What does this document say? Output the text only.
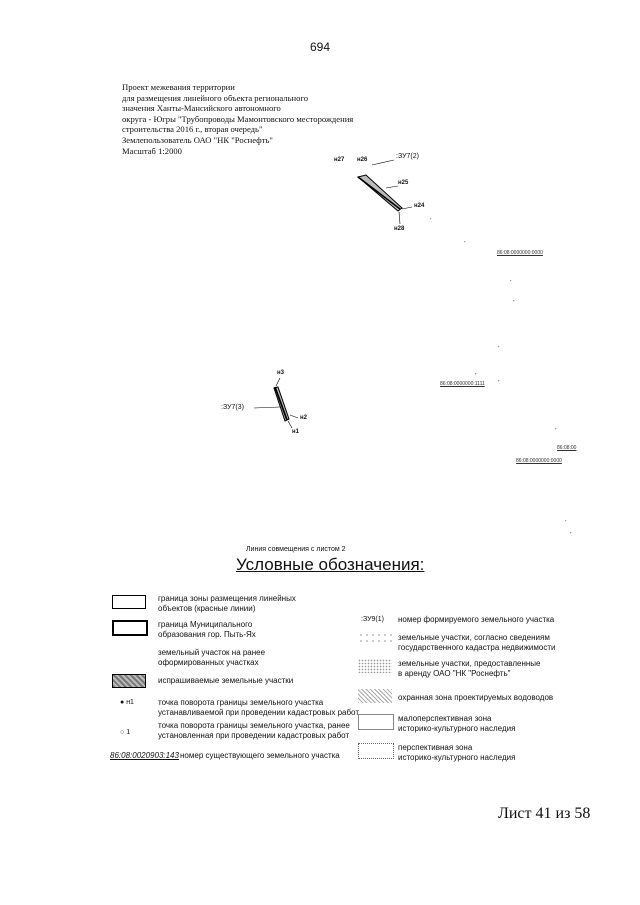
694
Проект межевания территории
для размещения линейного объекта регионального
значения Ханты-Мансийского автономного
округа - Югры "Трубопроводы Мамонтовского месторождения
строительства 2016 г., вторая очередь"
Землепользователь ОАО "НК "Роснефть"
Масштаб 1:2000
н27 н26	:ЗУ7(2)
н25
н24
н28
н3
:ЗУ7(3)
н2
н1
86:08:0000000:0000
86:08:0000000:1111
86:08:00
86:08:0000000:0000
Линия совмещения с листом 2
Условные обозначения:
граница зоны размещения линейных
объектов (красные линии)
граница Муниципального
образования гор. Пыть-Ях
земельный участок на ранее
оформированных участках
испрашиваемые земельные участки
● н1	точка поворота границы земельного участка
устанавливаемой при проведении кадастровых работ
○ 1
точка поворота границы земельного участка, ранее
установленная при проведении кадастровых работ
86:08:0020903:143 номер существующего земельного участка
:ЗУ9(1) номер формируемого земельного участка
земельные участки, согласно сведениям
государственного кадастра недвижимости
земельные участки, предоставленные
в аренду ОАО "НК "Роснефть"
охранная зона проектируемых водоводов
малоперспективная зона
историко-культурного наследия
перспективная зона
историко-культурного наследия
Лист 41 из 58
